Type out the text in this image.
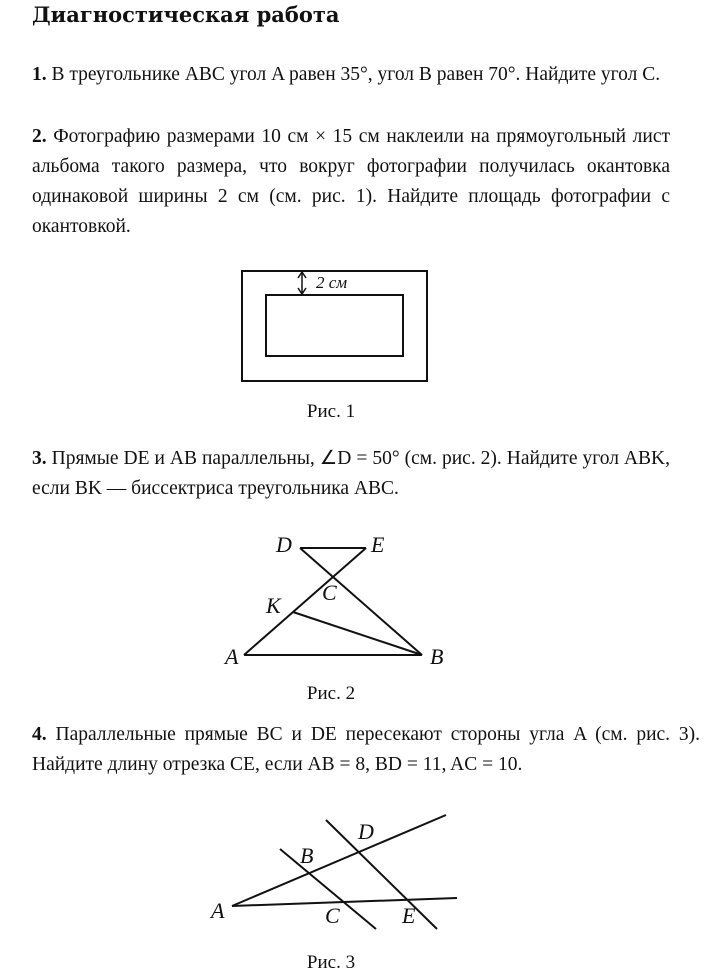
Диагностическая работа
1. В треугольнике ABC угол A равен 35°, угол B равен 70°. Найдите угол C.
2. Фотографию размерами 10 см × 15 см наклеили на прямоугольный лист альбома такого размера, что вокруг фотографии получилась окантовка одинаковой ширины 2 см (см. рис. 1). Найдите площадь фотографии с окантовкой.
2 см
D	E
C
K
A	B
D
B
A	C	E
Рис. 1
3. Прямые DE и AB параллельны, ∠D = 50° (см. рис. 2). Найдите угол ABK, если BK — биссектриса треугольника ABC.
Рис. 2
4. Параллельные прямые BC и DE пересекают стороны угла A (см. рис. 3). Найдите длину отрезка CE, если AB = 8, BD = 11, AC = 10.
Рис. 3
